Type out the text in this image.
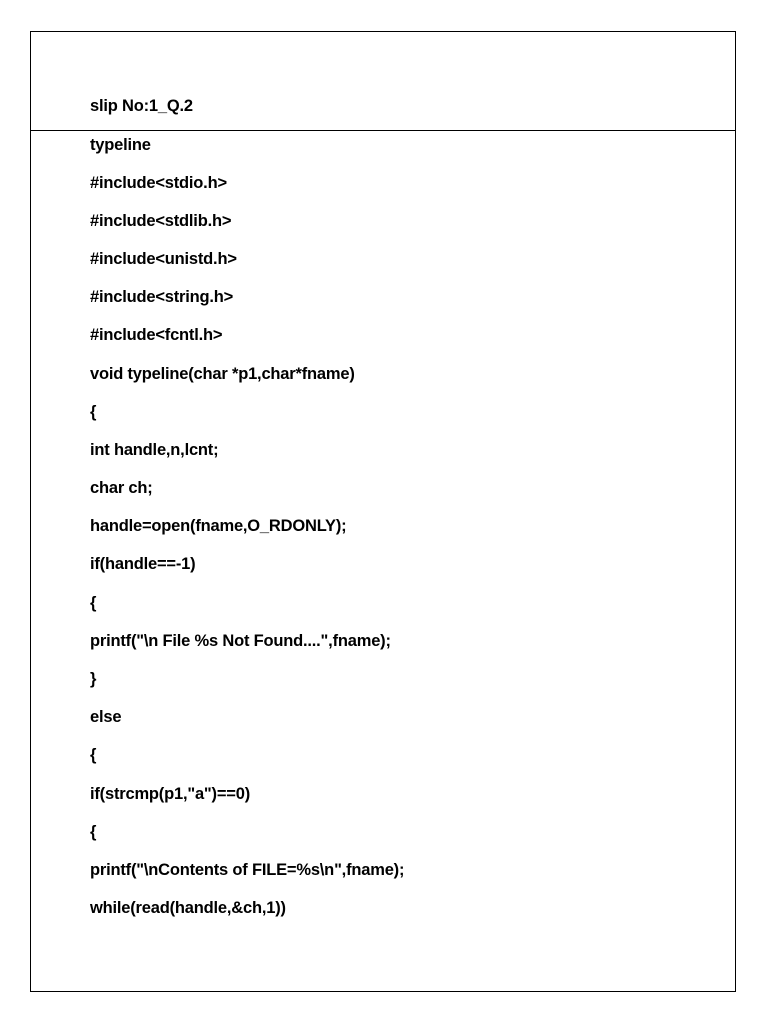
slip No:1_Q.2

typeline

#include<stdio.h>

#include<stdlib.h>

#include<unistd.h>

#include<string.h>

#include<fcntl.h>

void typeline(char *p1,char*fname)

{

int handle,n,lcnt;

char ch;

handle=open(fname,O_RDONLY);

if(handle==-1)

{

printf("\n File %s Not Found....",fname);

}

else

{

if(strcmp(p1,"a")==0)

{

printf("\nContents of FILE=%s\n",fname);

while(read(handle,&ch,1))
